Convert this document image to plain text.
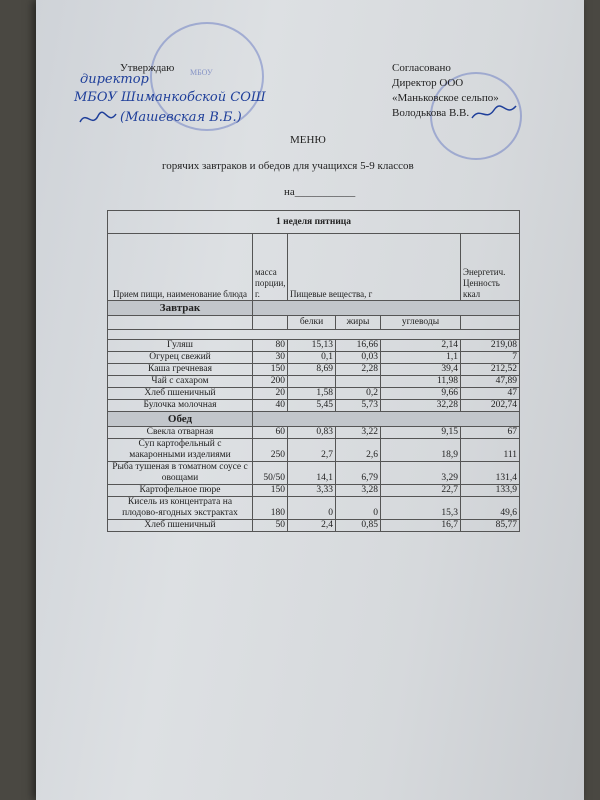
МБОУ
Утверждаю	Согласовано
Директор ООО
«Маньковское сельпо»
Володькова В.В.
директор
МБОУ Шиманкобской СОШ
(Машевская В.Б.)
МЕНЮ
горячих завтраков и обедов для учащихся 5-9 классов
на___________
1 неделя пятница					
Прием пищи, наименование блюда	масса порции, г.	Пищевые вещества, г			Энергетич. Ценность ккал
Завтрак					
		белки	жиры	углеводы	

Гуляш	80	15,13	16,66	2,14	219,08
Огурец свежий	30	0,1	0,03	1,1	7
Каша гречневая	150	8,69	2,28	39,4	212,52
Чай с сахаром	200			11,98	47,89
Хлеб пшеничный	20	1,58	0,2	9,66	47
Булочка молочная	40	5,45	5,73	32,28	202,74
Обед					
Свекла отварная	60	0,83	3,22	9,15	67
Суп картофельный с макаронными изделиями	250	2,7	2,6	18,9	111
Рыба тушеная в томатном соусе с овощами	50/50	14,1	6,79	3,29	131,4
Картофельное пюре	150	3,33	3,28	22,7	133,9
Кисель из концентрата на плодово-ягодных экстрактах	180	0	0	15,3	49,6
Хлеб пшеничный	50	2,4	0,85	16,7	85,77
